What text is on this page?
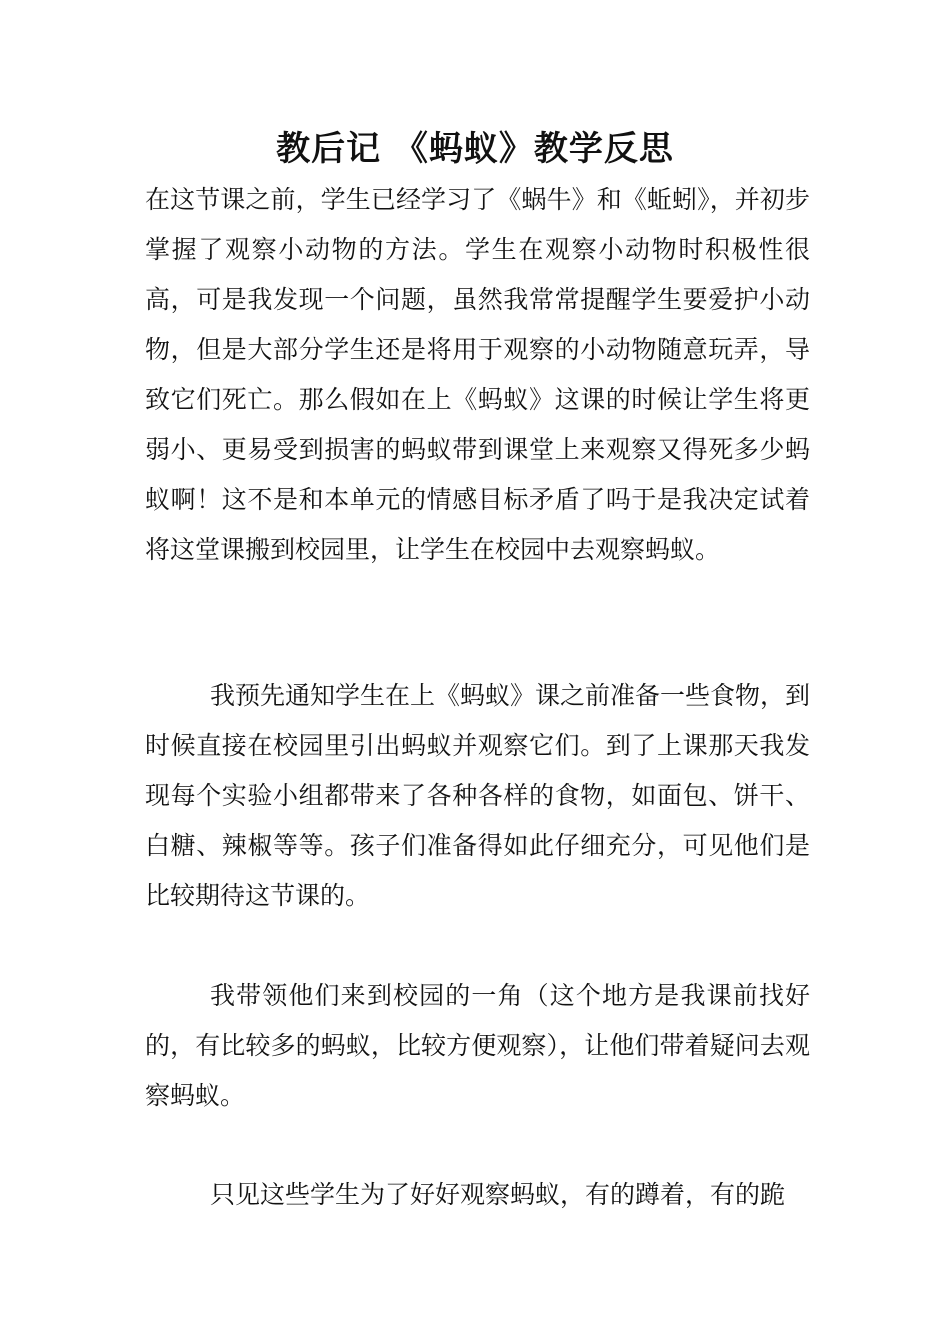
教后记 《蚂蚁》教学反思

在这节课之前，学生已经学习了《蜗牛》和《蚯蚓》，并初步掌握了观察小动物的方法。学生在观察小动物时积极性很高，可是我发现一个问题，虽然我常常提醒学生要爱护小动物，但是大部分学生还是将用于观察的小动物随意玩弄，导致它们死亡。那么假如在上《蚂蚁》这课的时候让学生将更弱小、更易受到损害的蚂蚁带到课堂上来观察又得死多少蚂蚁啊！这不是和本单元的情感目标矛盾了吗于是我决定试着将这堂课搬到校园里，让学生在校园中去观察蚂蚁。

我预先通知学生在上《蚂蚁》课之前准备一些食物，到时候直接在校园里引出蚂蚁并观察它们。到了上课那天我发现每个实验小组都带来了各种各样的食物，如面包、饼干、白糖、辣椒等等。孩子们准备得如此仔细充分，可见他们是比较期待这节课的。

我带领他们来到校园的一角（这个地方是我课前找好的，有比较多的蚂蚁，比较方便观察），让他们带着疑问去观察蚂蚁。

只见这些学生为了好好观察蚂蚁，有的蹲着，有的跪
